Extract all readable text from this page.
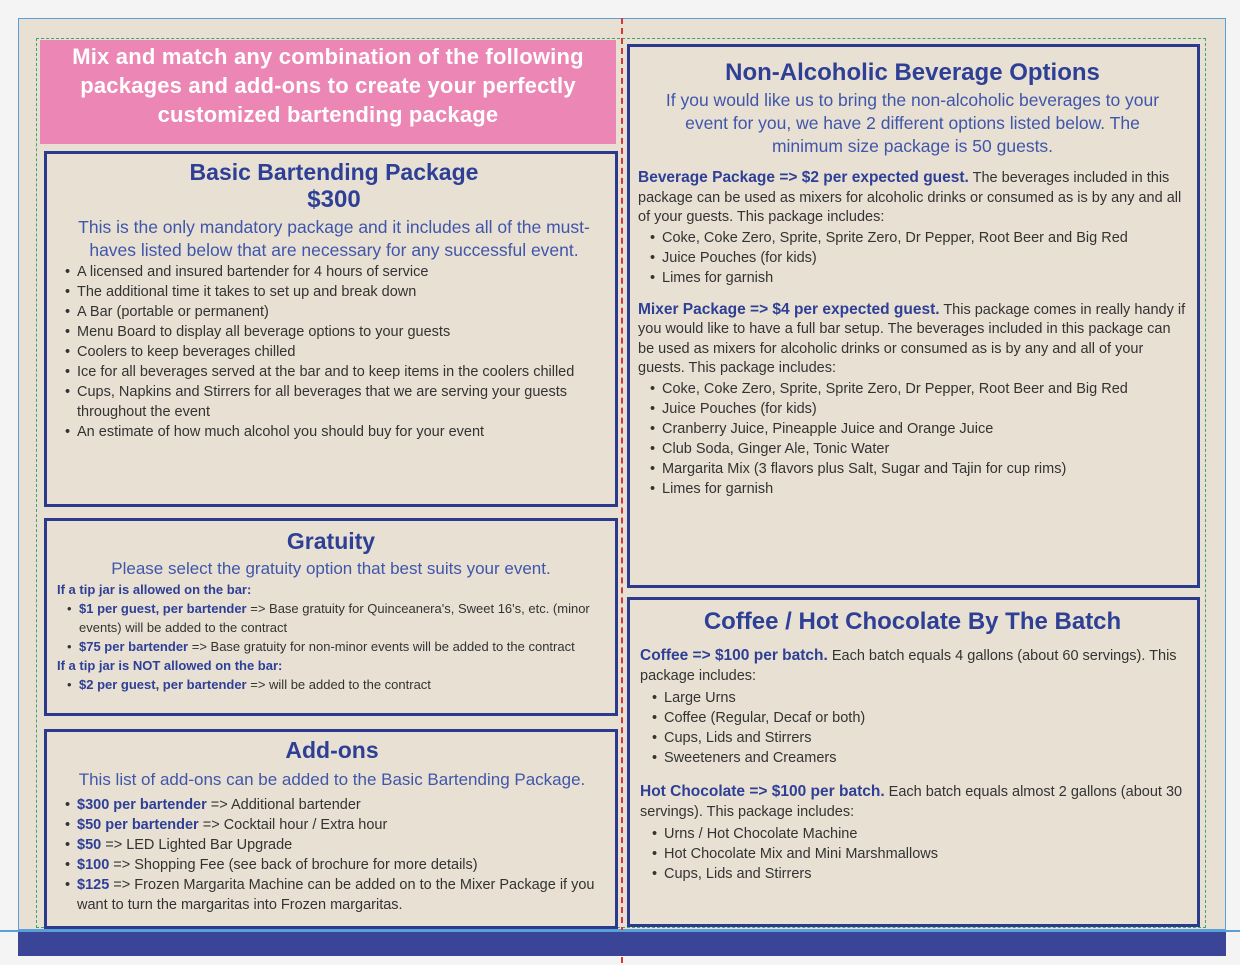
Mix and match any combination of the following packages and add-ons to create your perfectly customized bartending package
Basic Bartending Package
$300
This is the only mandatory package and it includes all of the must-haves listed below that are necessary for any successful event.
• A licensed and insured bartender for 4 hours of service
• The additional time it takes to set up and break down
• A Bar (portable or permanent)
• Menu Board to display all beverage options to your guests
• Coolers to keep beverages chilled
• Ice for all beverages served at the bar and to keep items in the coolers chilled
• Cups, Napkins and Stirrers for all beverages that we are serving your guests throughout the event
• An estimate of how much alcohol you should buy for your event
Gratuity
Please select the gratuity option that best suits your event.
If a tip jar is allowed on the bar:
• $1 per guest, per bartender => Base gratuity for Quinceanera's, Sweet 16's, etc. (minor events) will be added to the contract
• $75 per bartender => Base gratuity for non-minor events will be added to the contract
If a tip jar is NOT allowed on the bar:
• $2 per guest, per bartender => will be added to the contract
Add-ons
This list of add-ons can be added to the Basic Bartending Package.
• $300 per bartender => Additional bartender
• $50 per bartender => Cocktail hour / Extra hour
• $50 => LED Lighted Bar Upgrade
• $100 => Shopping Fee (see back of brochure for more details)
• $125 => Frozen Margarita Machine can be added on to the Mixer Package if you want to turn the margaritas into Frozen margaritas.
Non-Alcoholic Beverage Options
If you would like us to bring the non-alcoholic beverages to your event for you, we have 2 different options listed below. The minimum size package is 50 guests.
Beverage Package => $2 per expected guest. The beverages included in this package can be used as mixers for alcoholic drinks or consumed as is by any and all of your guests. This package includes:
• Coke, Coke Zero, Sprite, Sprite Zero, Dr Pepper, Root Beer and Big Red
• Juice Pouches (for kids)
• Limes for garnish
Mixer Package => $4 per expected guest. This package comes in really handy if you would like to have a full bar setup. The beverages included in this package can be used as mixers for alcoholic drinks or consumed as is by any and all of your guests. This package includes:
• Coke, Coke Zero, Sprite, Sprite Zero, Dr Pepper, Root Beer and Big Red
• Juice Pouches (for kids)
• Cranberry Juice, Pineapple Juice and Orange Juice
• Club Soda, Ginger Ale, Tonic Water
• Margarita Mix (3 flavors plus Salt, Sugar and Tajin for cup rims)
• Limes for garnish
Coffee / Hot Chocolate By The Batch
Coffee => $100 per batch. Each batch equals 4 gallons (about 60 servings). This package includes:
• Large Urns
• Coffee (Regular, Decaf or both)
• Cups, Lids and Stirrers
• Sweeteners and Creamers
Hot Chocolate => $100 per batch. Each batch equals almost 2 gallons (about 30 servings). This package includes:
• Urns / Hot Chocolate Machine
• Hot Chocolate Mix and Mini Marshmallows
• Cups, Lids and Stirrers
